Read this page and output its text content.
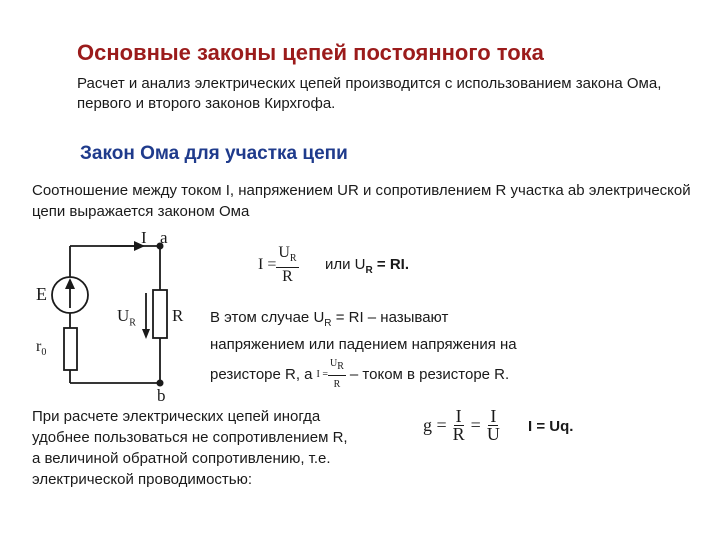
Основные законы цепей постоянного тока
Расчет и анализ электрических цепей производится с использованием закона Ома, первого и второго законов Кирхгофа.
Закон Ома для участка цепи
Соотношение между током I, напряжением UR и сопротивлением R участка ab электрической цепи выражается законом Ома
E
I a
b
$U_R$ R
$r_0$
$I = \frac{U_R}{R}$ или $U_R$ = RI.
В этом случае $U_R$ = RI – называют
напряжением или падением напряжения на
резисторе R, а $I = \frac{U_R}{R}$ – током в резисторе R.
При расчете электрических цепей иногда
удобнее пользоваться не сопротивлением R,
а величиной обратной сопротивлению, т.е.
электрической проводимостью:
$g = \frac{I}{R} = \frac{I}{U}$ I = Uq.
